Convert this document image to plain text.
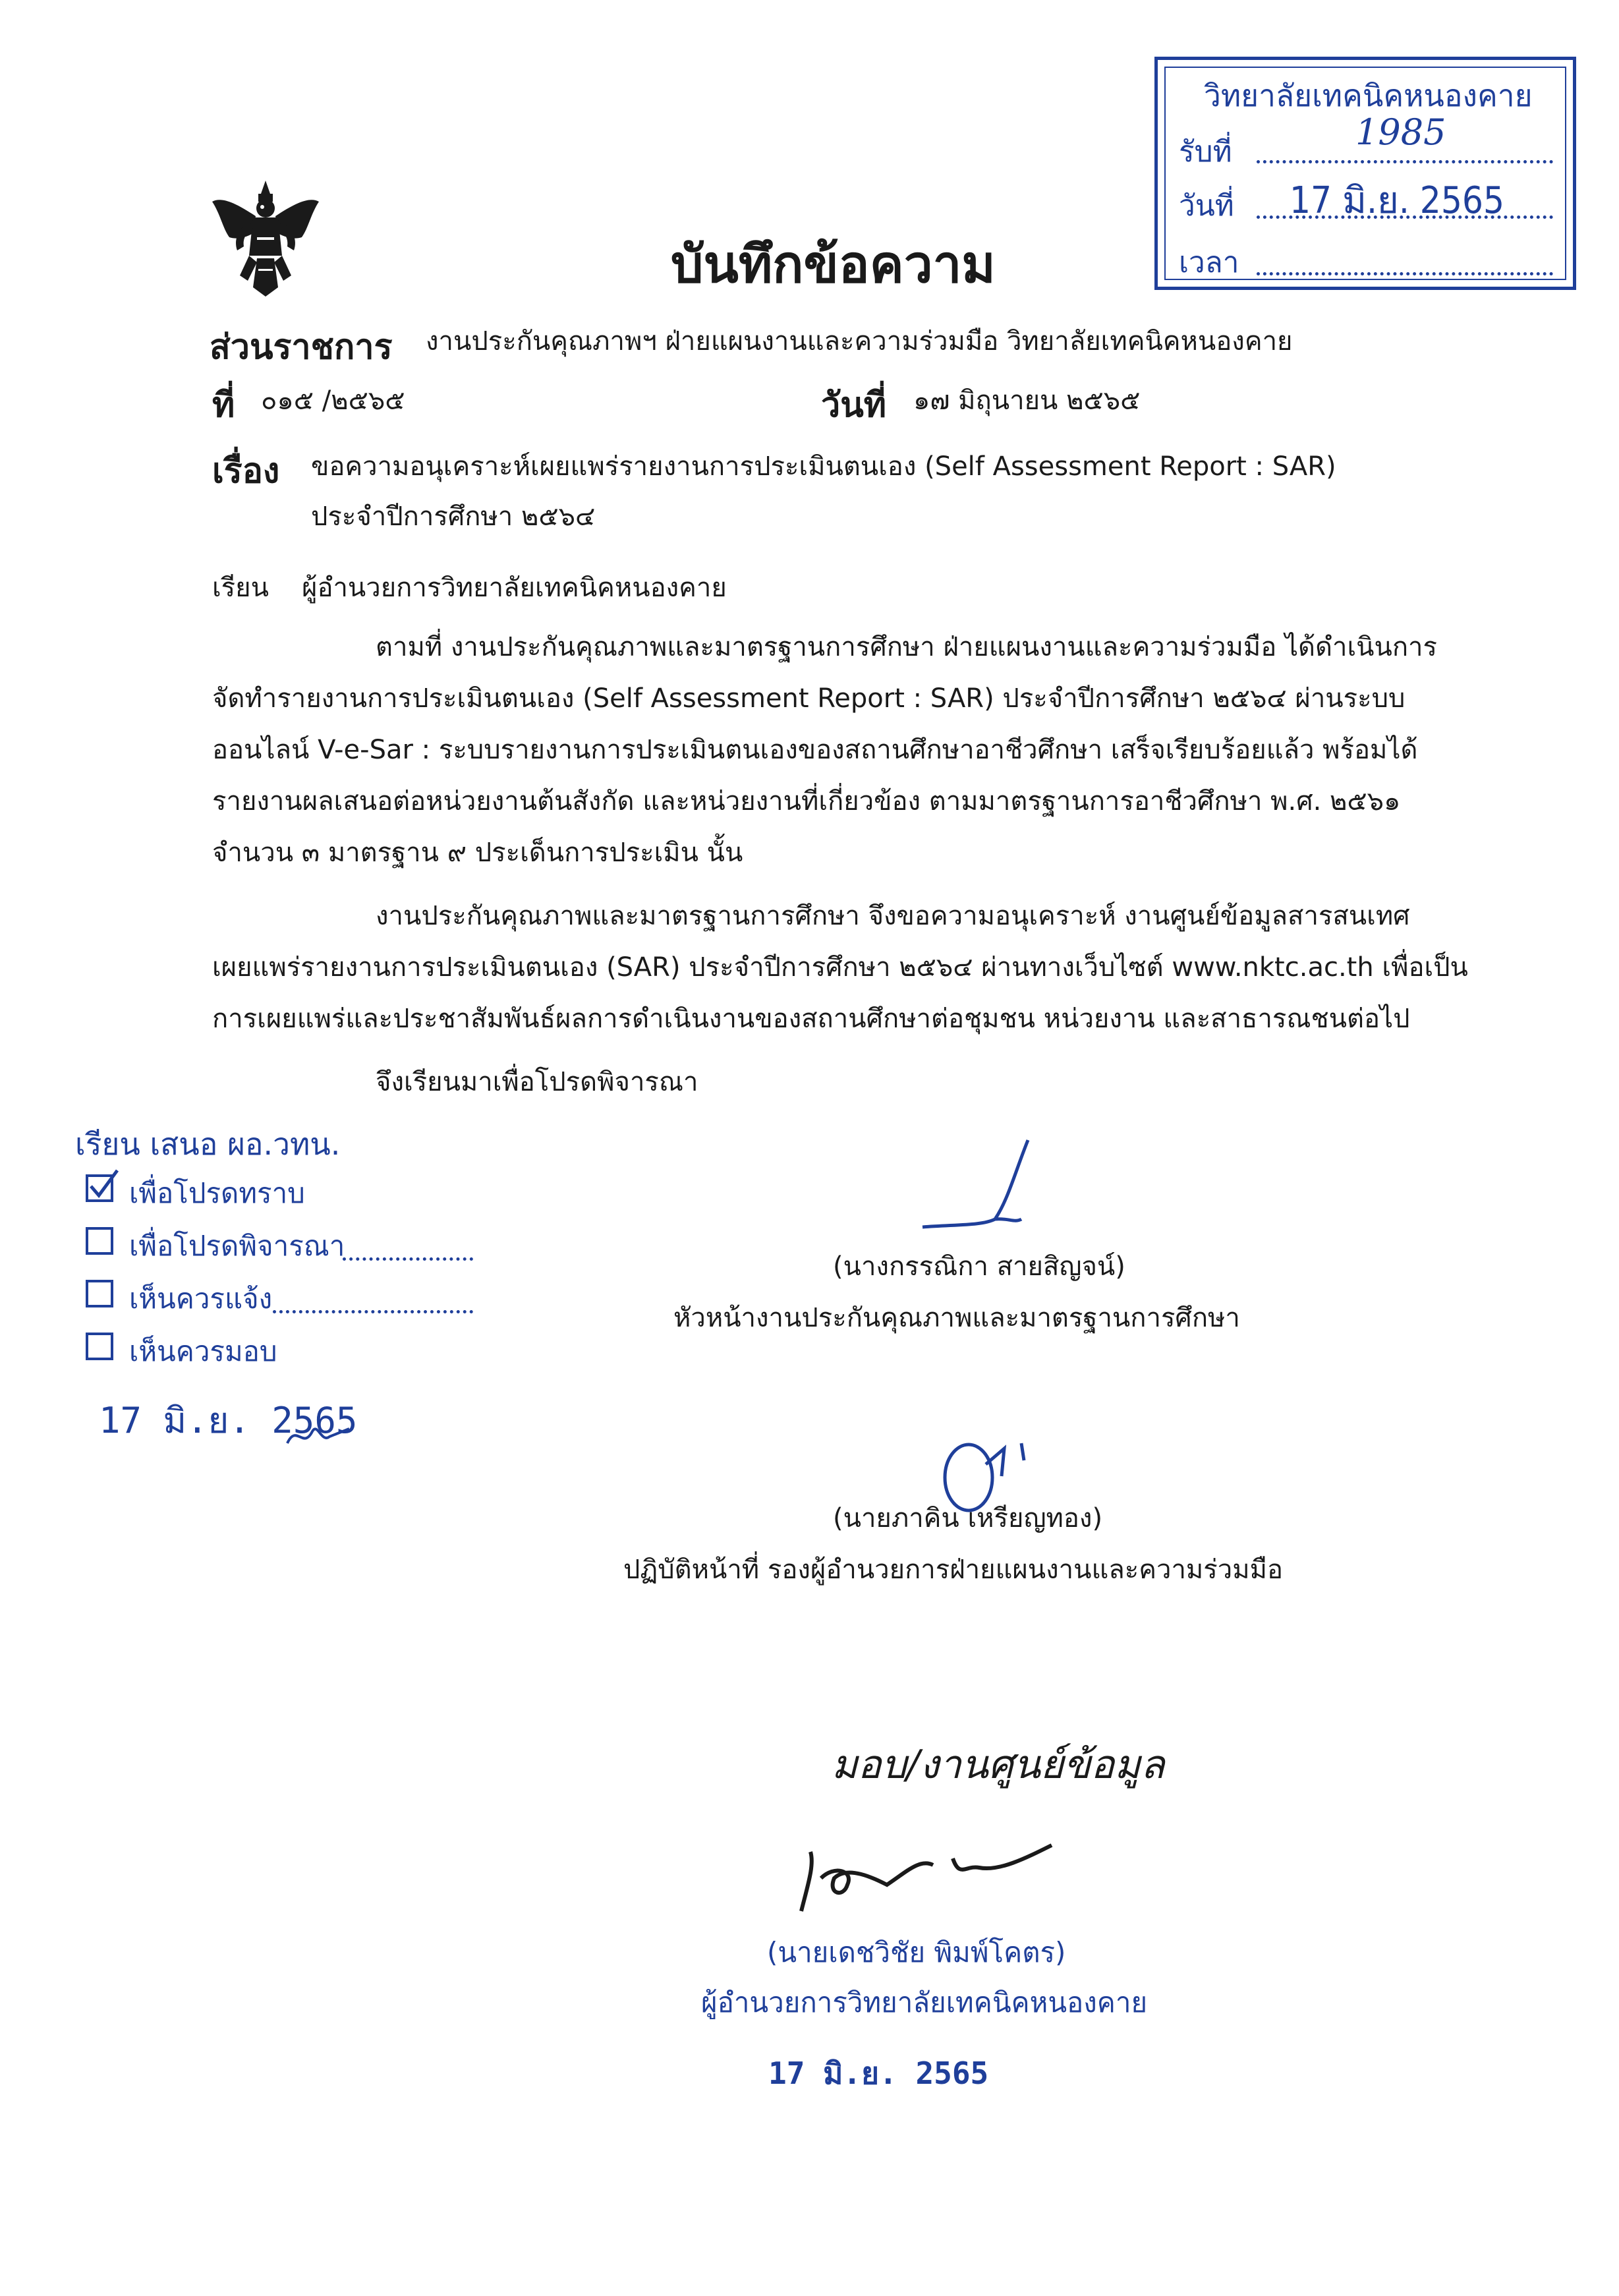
วิทยาลัยเทคนิคหนองคาย
รับที่	1985
วันที่ 17 มิ.ย. 2565
เวลา
บันทึกข้อความ
ส่วนราชการ งานประกันคุณภาพฯ ฝ่ายแผนงานและความร่วมมือ วิทยาลัยเทคนิคหนองคาย
ที่ ๐๑๕ /๒๕๖๕	วันที่ ๑๗ มิถุนายน ๒๕๖๕
เรื่อง ขอความอนุเคราะห์เผยแพร่รายงานการประเมินตนเอง (Self Assessment Report : SAR)
ประจำปีการศึกษา ๒๕๖๔
เรียน ผู้อำนวยการวิทยาลัยเทคนิคหนองคาย
ตามที่ งานประกันคุณภาพและมาตรฐานการศึกษา ฝ่ายแผนงานและความร่วมมือ ได้ดำเนินการ
จัดทำรายงานการประเมินตนเอง (Self Assessment Report : SAR) ประจำปีการศึกษา ๒๕๖๔ ผ่านระบบ
ออนไลน์ V-e-Sar : ระบบรายงานการประเมินตนเองของสถานศึกษาอาชีวศึกษา เสร็จเรียบร้อยแล้ว พร้อมได้
รายงานผลเสนอต่อหน่วยงานต้นสังกัด และหน่วยงานที่เกี่ยวข้อง ตามมาตรฐานการอาชีวศึกษา พ.ศ. ๒๕๖๑
จำนวน ๓ มาตรฐาน ๙ ประเด็นการประเมิน นั้น
งานประกันคุณภาพและมาตรฐานการศึกษา จึงขอความอนุเคราะห์ งานศูนย์ข้อมูลสารสนเทศ
เผยแพร่รายงานการประเมินตนเอง (SAR) ประจำปีการศึกษา ๒๕๖๔ ผ่านทางเว็บไซต์ www.nktc.ac.th เพื่อเป็น
การเผยแพร่และประชาสัมพันธ์ผลการดำเนินงานของสถานศึกษาต่อชุมชน หน่วยงาน และสาธารณชนต่อไป
จึงเรียนมาเพื่อโปรดพิจารณา
เรียน เสนอ ผอ.วทน.
เพื่อโปรดทราบ
เพื่อโปรดพิจารณา
เห็นควรแจ้ง
เห็นควรมอบ
17 มิ.ย. 2565
(นางกรรณิกา สายสิญจน์)
หัวหน้างานประกันคุณภาพและมาตรฐานการศึกษา
(นายภาคิน เหรียญทอง)
ปฏิบัติหน้าที่ รองผู้อำนวยการฝ่ายแผนงานและความร่วมมือ
มอบ/งานศูนย์ข้อมูล
(นายเดชวิชัย พิมพ์โคตร)
ผู้อำนวยการวิทยาลัยเทคนิคหนองคาย
17 มิ.ย. 2565
